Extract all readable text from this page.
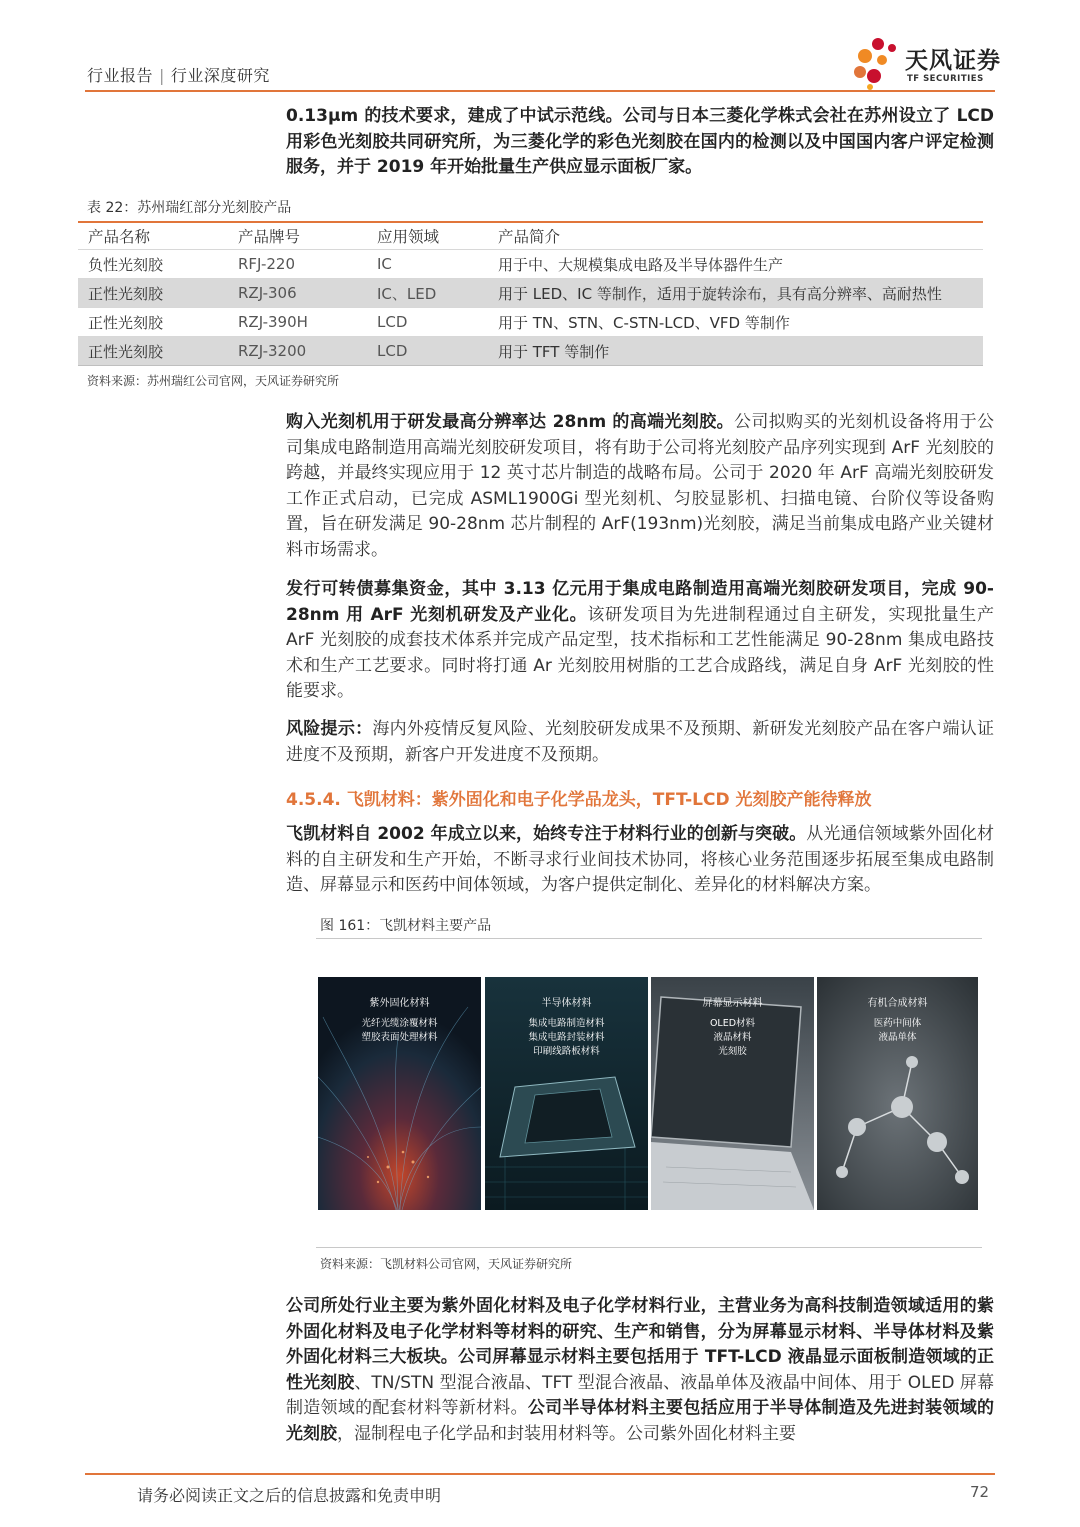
行业报告 | 行业深度研究
天风证券
TF SECURITIES
0.13μm 的技术要求，建成了中试示范线。公司与日本三菱化学株式会社在苏州设立了 LCD 用彩色光刻胶共同研究所，为三菱化学的彩色光刻胶在国内的检测以及中国国内客户评定检测服务，并于 2019 年开始批量生产供应显示面板厂家。
表 22：苏州瑞红部分光刻胶产品
产品名称	产品牌号	应用领域	产品简介
负性光刻胶	RFJ-220	IC	用于中、大规模集成电路及半导体器件生产
正性光刻胶	RZJ-306	IC、LED	用于 LED、IC 等制作，适用于旋转涂布，具有高分辨率、高耐热性
正性光刻胶	RZJ-390H	LCD	用于 TN、STN、C-STN-LCD、VFD 等制作
正性光刻胶	RZJ-3200	LCD	用于 TFT 等制作
资料来源：苏州瑞红公司官网，天风证券研究所
购入光刻机用于研发最高分辨率达 28nm 的高端光刻胶。公司拟购买的光刻机设备将用于公司集成电路制造用高端光刻胶研发项目，将有助于公司将光刻胶产品序列实现到 ArF 光刻胶的跨越，并最终实现应用于 12 英寸芯片制造的战略布局。公司于 2020 年 ArF 高端光刻胶研发工作正式启动，已完成 ASML1900Gi 型光刻机、匀胶显影机、扫描电镜、台阶仪等设备购置，旨在研发满足 90-28nm 芯片制程的 ArF(193nm)光刻胶，满足当前集成电路产业关键材料市场需求。
发行可转债募集资金，其中 3.13 亿元用于集成电路制造用高端光刻胶研发项目，完成 90-28nm 用 ArF 光刻机研发及产业化。该研发项目为先进制程通过自主研发，实现批量生产 ArF 光刻胶的成套技术体系并完成产品定型，技术指标和工艺性能满足 90-28nm 集成电路技术和生产工艺要求。同时将打通 Ar 光刻胶用树脂的工艺合成路线，满足自身 ArF 光刻胶的性能要求。
风险提示：海内外疫情反复风险、光刻胶研发成果不及预期、新研发光刻胶产品在客户端认证进度不及预期，新客户开发进度不及预期。
4.5.4. 飞凯材料：紫外固化和电子化学品龙头，TFT-LCD 光刻胶产能待释放
飞凯材料自 2002 年成立以来，始终专注于材料行业的创新与突破。从光通信领域紫外固化材料的自主研发和生产开始，不断寻求行业间技术协同，将核心业务范围逐步拓展至集成电路制造、屏幕显示和医药中间体领域，为客户提供定制化、差异化的材料解决方案。
图 161：飞凯材料主要产品
紫外固化材料
光纤光缆涂覆材料
塑胶表面处理材料
半导体材料
集成电路制造材料
集成电路封装材料
印刷线路板材料
屏幕显示材料
OLED材料
液晶材料
光刻胶
有机合成材料
医药中间体
液晶单体
资料来源：飞凯材料公司官网，天风证券研究所
公司所处行业主要为紫外固化材料及电子化学材料行业，主营业务为高科技制造领域适用的紫外固化材料及电子化学材料等材料的研究、生产和销售，分为屏幕显示材料、半导体材料及紫外固化材料三大板块。公司屏幕显示材料主要包括用于 TFT-LCD 液晶显示面板制造领域的正性光刻胶、TN/STN 型混合液晶、TFT 型混合液晶、液晶单体及液晶中间体、用于 OLED 屏幕制造领域的配套材料等新材料。公司半导体材料主要包括应用于半导体制造及先进封装领域的光刻胶，湿制程电子化学品和封装用材料等。公司紫外固化材料主要
请务必阅读正文之后的信息披露和免责申明	72
